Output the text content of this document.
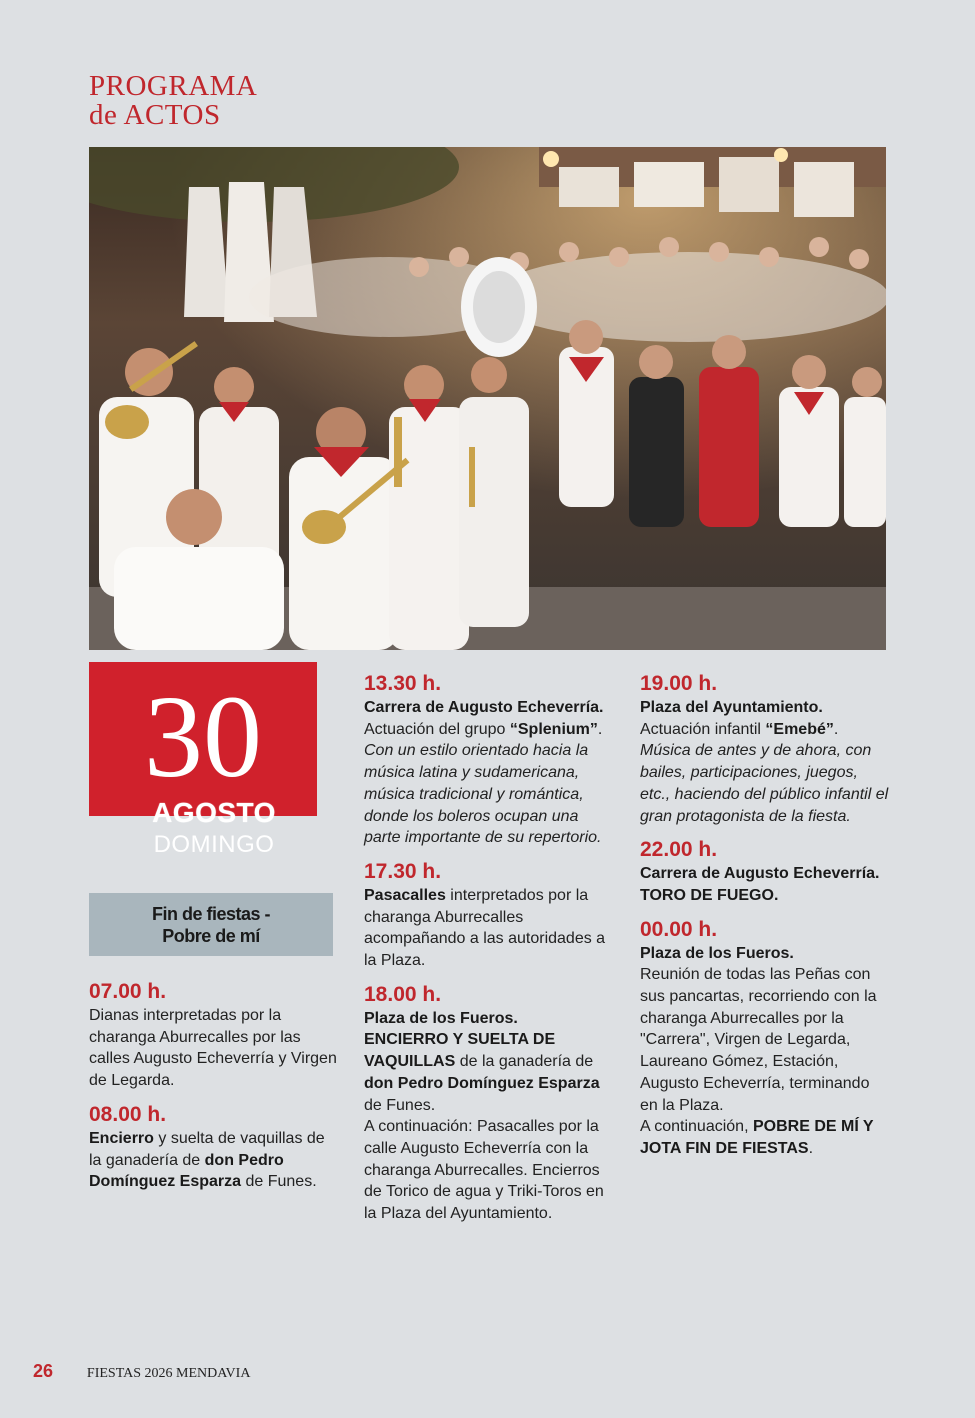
PROGRAMA
de ACTOS
30
AGOSTO
DOMINGO
Fin de fiestas -
Pobre de mí
07.00 h.
Dianas interpretadas por la charanga Aburrecalles por las calles Augusto Echeverría y Virgen de Legarda.
08.00 h.
Encierro y suelta de vaquillas de la ganadería de don Pedro Domínguez Esparza de Funes.
13.30 h.
Carrera de Augusto Echeverría.
Actuación del grupo “Splenium”.
Con un estilo orientado hacia la música latina y sudamericana, música tradicional y romántica, donde los boleros ocupan una parte importante de su repertorio.
17.30 h.
Pasacalles interpretados por la charanga Aburrecalles acompañando a las autoridades a la Plaza.
18.00 h.
Plaza de los Fueros.
ENCIERRO Y SUELTA DE VAQUILLAS de la ganadería de don Pedro Domínguez Esparza de Funes.
A continuación: Pasacalles por la calle Augusto Echeverría con la charanga Aburrecalles. Encierros de Torico de agua y Triki-Toros en la Plaza del Ayuntamiento.
19.00 h.
Plaza del Ayuntamiento.
Actuación infantil “Emebé”.
Música de antes y de ahora, con bailes, participaciones, juegos, etc., haciendo del público infantil el gran protagonista de la fiesta.
22.00 h.
Carrera de Augusto Echeverría.
TORO DE FUEGO.
00.00 h.
Plaza de los Fueros.
Reunión de todas las Peñas con sus pancartas, recorriendo con la charanga Aburrecalles por la "Carrera", Virgen de Legarda, Laureano Gómez, Estación, Augusto Echeverría, terminando en la Plaza.
A continuación, POBRE DE MÍ Y JOTA FIN DE FIESTAS.
26 FIESTAS 2026 MENDAVIA
